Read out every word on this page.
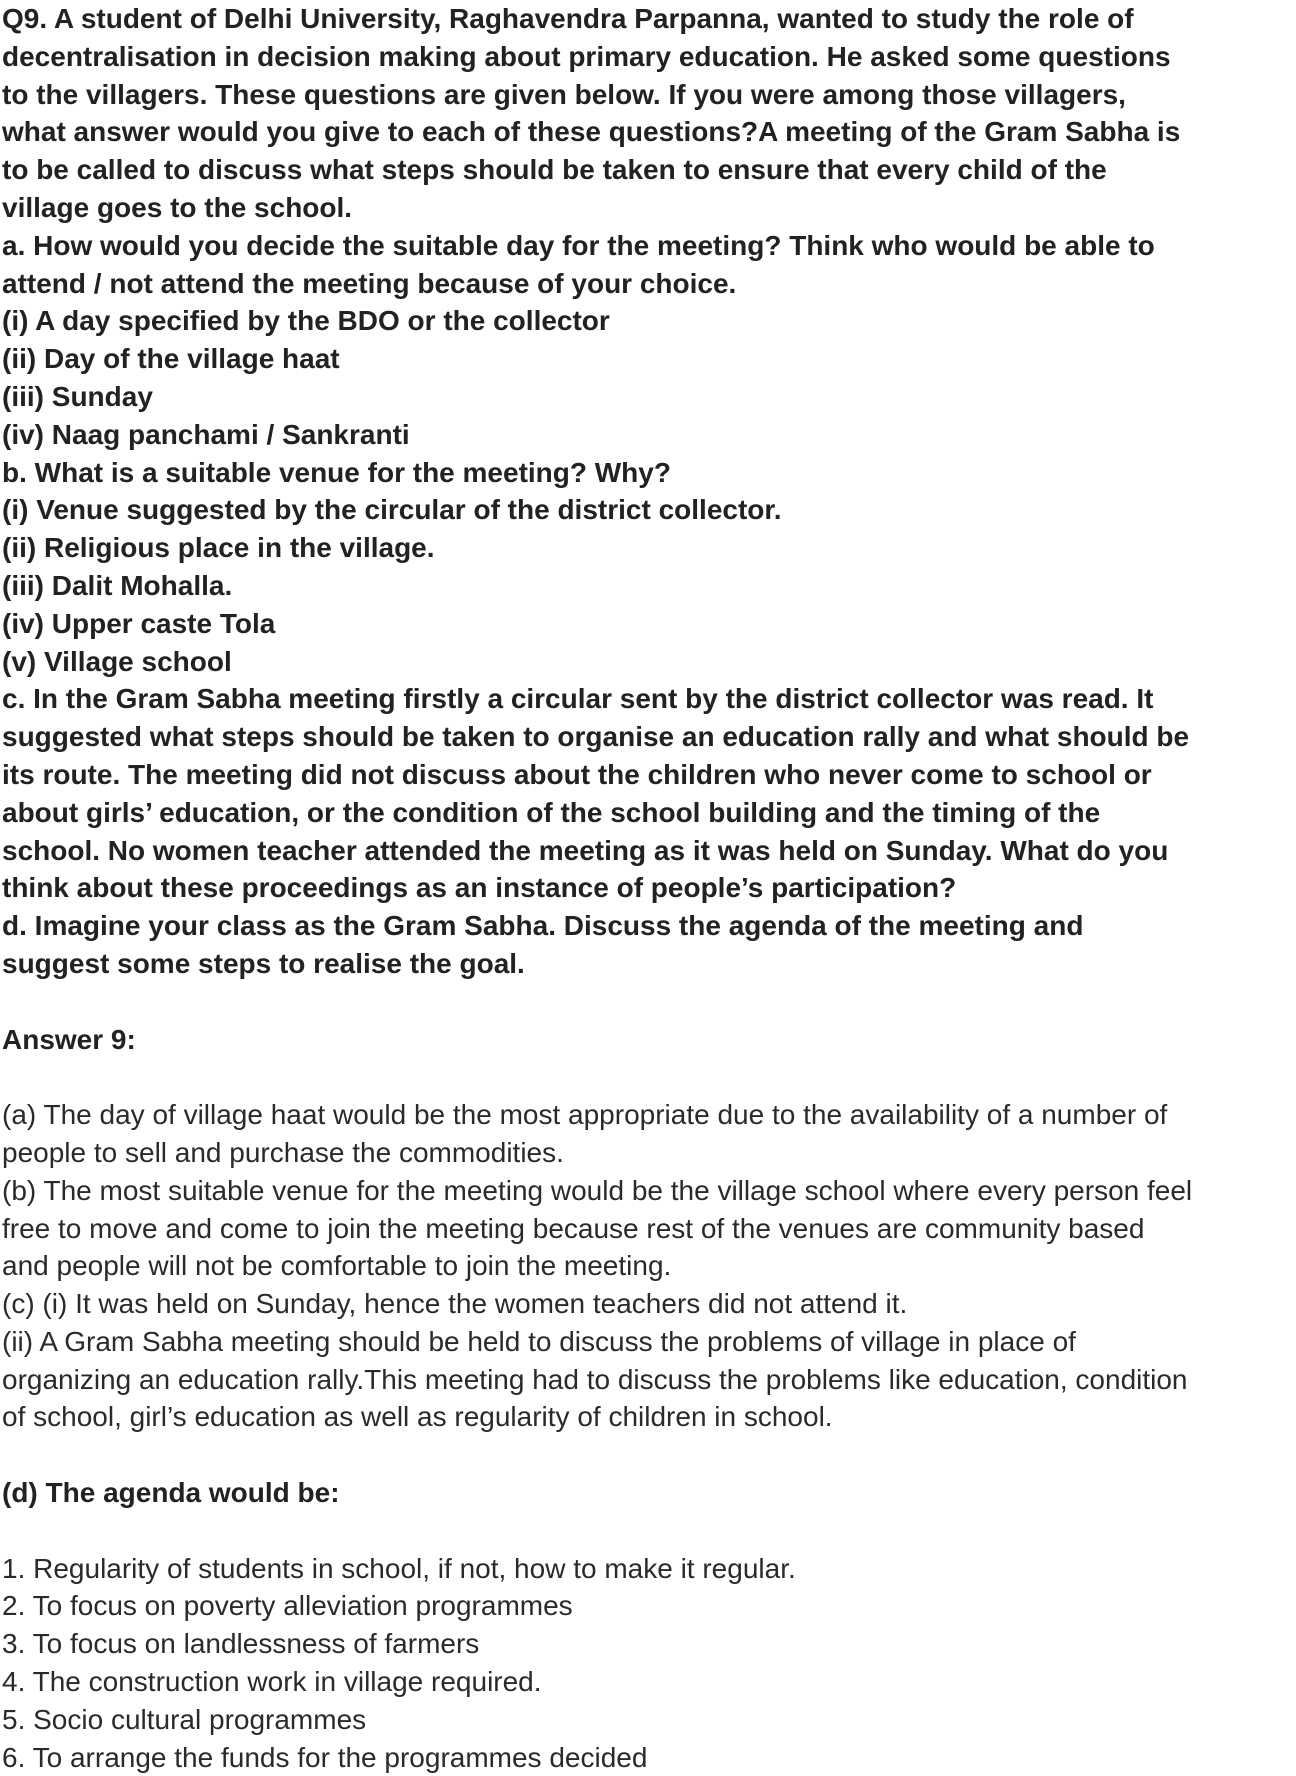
Q9. A student of Delhi University, Raghavendra Parpanna, wanted to study the role of

decentralisation in decision making about primary education. He asked some questions

to the villagers. These questions are given below. If you were among those villagers,

what answer would you give to each of these questions?A meeting of the Gram Sabha is

to be called to discuss what steps should be taken to ensure that every child of the

village goes to the school.

a. How would you decide the suitable day for the meeting? Think who would be able to

attend / not attend the meeting because of your choice.

(i) A day specified by the BDO or the collector

(ii) Day of the village haat

(iii) Sunday

(iv) Naag panchami / Sankranti

b. What is a suitable venue for the meeting? Why?

(i) Venue suggested by the circular of the district collector.

(ii) Religious place in the village.

(iii) Dalit Mohalla.

(iv) Upper caste Tola

(v) Village school

c. In the Gram Sabha meeting firstly a circular sent by the district collector was read. It

suggested what steps should be taken to organise an education rally and what should be

its route. The meeting did not discuss about the children who never come to school or

about girls’ education, or the condition of the school building and the timing of the

school. No women teacher attended the meeting as it was held on Sunday. What do you

think about these proceedings as an instance of people’s participation?

d. Imagine your class as the Gram Sabha. Discuss the agenda of the meeting and

suggest some steps to realise the goal.

Answer 9:

(a) The day of village haat would be the most appropriate due to the availability of a number of

people to sell and purchase the commodities.

(b) The most suitable venue for the meeting would be the village school where every person feel

free to move and come to join the meeting because rest of the venues are community based

and people will not be comfortable to join the meeting.

(c) (i) It was held on Sunday, hence the women teachers did not attend it.

(ii) A Gram Sabha meeting should be held to discuss the problems of village in place of

organizing an education rally.This meeting had to discuss the problems like education, condition

of school, girl’s education as well as regularity of children in school.

(d) The agenda would be:

1. Regularity of students in school, if not, how to make it regular.

2. To focus on poverty alleviation programmes

3. To focus on landlessness of farmers

4. The construction work in village required.

5. Socio cultural programmes

6. To arrange the funds for the programmes decided
